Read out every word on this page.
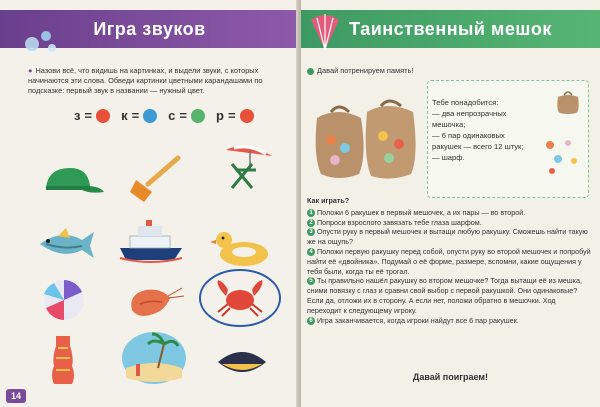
Игра звуков
● Назови всё, что видишь на картинках, и выдели звуки, с которых начинаются эти слова. Обведи картинки цветными карандашами по подсказке: первый звук в названии — нужный цвет.
з = к = с = р =
14
Таинственный мешок
Давай потренируем память!
Тебе понадобится:
— два непрозрачных мешочка;
— 6 пар одинаковых ракушек — всего 12 штук;
— шарф.
Как играть?
1 Положи 6 ракушек в первый мешочек, а их пары — во второй.
2 Попроси взрослого завязать тебе глаза шарфом.
3 Опусти руку в первый мешочек и вытащи любую ракушку. Сможешь найти такую же на ощупь?
4 Положи первую ракушку перед собой, опусти руку во второй мешочек и попробуй найти её «двойника». Подумай о её форме, размере, вспомни, какие ощущения у тебя были, когда ты её трогал.
5 Ты правильно нашёл ракушку во втором мешочке? Тогда вытащи её из мешка, сними повязку с глаз и сравни свой выбор с первой ракушкой. Они одинаковые? Если да, отложи их в сторону. А если нет, положи обратно в мешочки. Ход переходит к следующему игроку.
6 Игра заканчивается, когда игроки найдут все 6 пар ракушек.
Давай поиграем!
